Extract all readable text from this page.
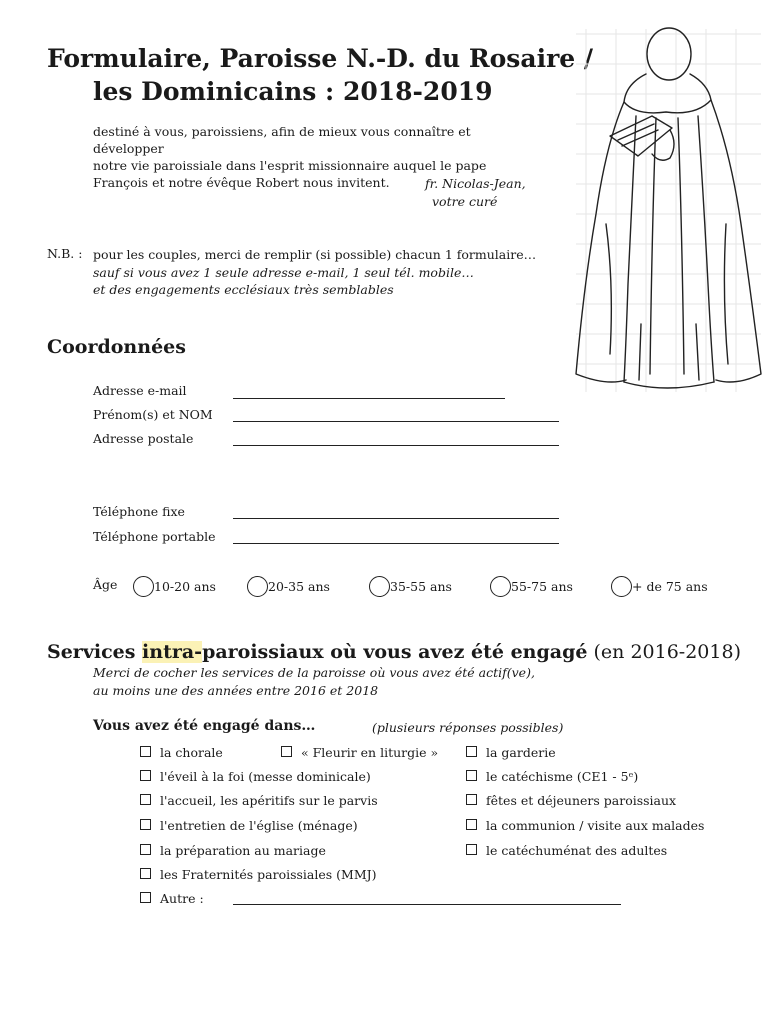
Formulaire, Paroisse N.-D. du Rosaire /
les Dominicains : 2018-2019
destiné à vous, paroissiens, afin de mieux vous connaître et développer
notre vie paroissiale dans l'esprit missionnaire auquel le pape
François et notre évêque Robert nous invitent.	fr. Nicolas-Jean,
votre curé
N.B. : pour les couples, merci de remplir (si possible) chacun 1 formulaire…
sauf si vous avez 1 seule adresse e-mail, 1 seul tél. mobile…
et des engagements ecclésiaux très semblables
Coordonnées
Adresse e-mail
Prénom(s) et NOM
Adresse postale
Téléphone fixe
Téléphone portable
Âge	10-20 ans	20-35 ans	35-55 ans	55-75 ans	+ de 75 ans
Services intra-paroissiaux où vous avez été engagé (en 2016-2018)
Merci de cocher les services de la paroisse où vous avez été actif(ve),
au moins une des années entre 2016 et 2018
Vous avez été engagé dans…	(plusieurs réponses possibles)
la chorale	« Fleurir en liturgie »	la garderie
l'éveil à la foi (messe dominicale)	le catéchisme (CE1 - 5ᵉ)
l'accueil, les apéritifs sur le parvis	fêtes et déjeuners paroissiaux
l'entretien de l'église (ménage)	la communion / visite aux malades
la préparation au mariage	le catéchuménat des adultes
les Fraternités paroissiales (MMJ)
Autre :
